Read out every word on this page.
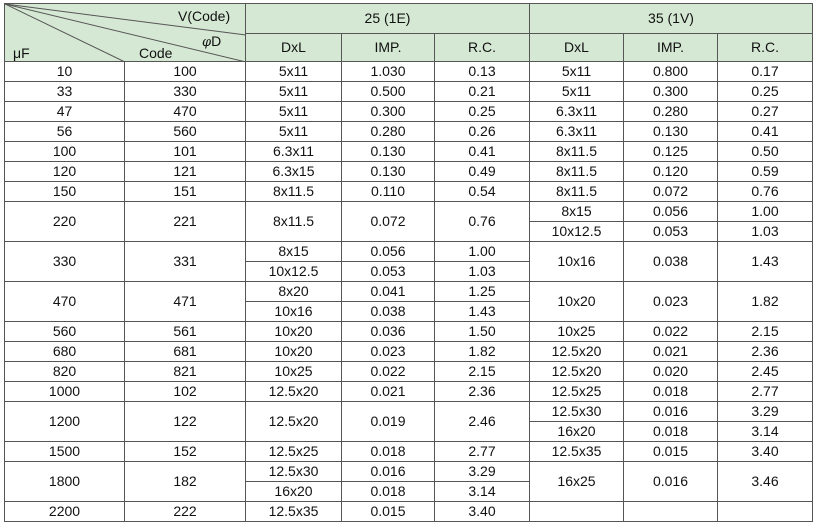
V(Code)
φD
Code
μF		25 (1E)			35 (1V)		
		DxL	IMP.	R.C.	DxL	IMP.	R.C.
10	100	5x11	1.030	0.13	5x11	0.800	0.17
33	330	5x11	0.500	0.21	5x11	0.300	0.25
47	470	5x11	0.300	0.25	6.3x11	0.280	0.27
56	560	5x11	0.280	0.26	6.3x11	0.130	0.41
100	101	6.3x11	0.130	0.41	8x11.5	0.125	0.50
120	121	6.3x15	0.130	0.49	8x11.5	0.120	0.59
150	151	8x11.5	0.110	0.54	8x11.5	0.072	0.76
220	221	8x11.5	0.072	0.76	8x15	0.056	1.00
					10x12.5	0.053	1.03
330	331	8x15	0.056	1.00	10x16	0.038	1.43
		10x12.5	0.053	1.03			
470	471	8x20	0.041	1.25	10x20	0.023	1.82
		10x16	0.038	1.43			
560	561	10x20	0.036	1.50	10x25	0.022	2.15
680	681	10x20	0.023	1.82	12.5x20	0.021	2.36
820	821	10x25	0.022	2.15	12.5x20	0.020	2.45
1000	102	12.5x20	0.021	2.36	12.5x25	0.018	2.77
1200	122	12.5x20	0.019	2.46	12.5x30	0.016	3.29
					16x20	0.018	3.14
1500	152	12.5x25	0.018	2.77	12.5x35	0.015	3.40
1800	182	12.5x30	0.016	3.29	16x25	0.016	3.46
		16x20	0.018	3.14			
2200	222	12.5x35	0.015	3.40			
